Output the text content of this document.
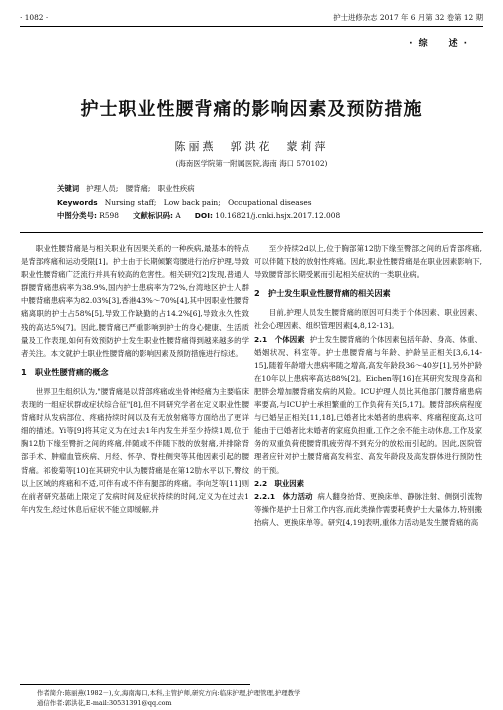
· 1082 ·	护士进修杂志 2017 年 6 月第 32 卷第 12 期
·综　述·
护士职业性腰背痛的影响因素及预防措施
陈丽燕　郭洪花　蒙莉萍
(海南医学院第一附属医院,海南 海口 570102)
关键词 护理人员;　腰背痛;　职业性疾病
Keywords Nursing staff;　Low back pain;　Occupational diseases
中图分类号: R598 文献标识码: A DOI: 10.16821/j.cnki.hsjx.2017.12.008

职业性腰背痛是与相关职业有因果关系的一种疾病,最基本的特点是背部疼痛和运动受限[1]。护士由于长期倾繁弯腰进行治疗护理,导致职业性腰背痛广泛流行并具有较高的危害性。相关研究[2]发现,普通人群腰背痛患病率为38.9%,国内护士患病率为72%,台湾地区护士人群中腰背痛患病率为82.03%[3],香港43%～70%[4],其中因职业性腰背痛离职的护士占58%[5],导致工作缺勤的占14.2%[6],导致永久性致残的高达5%[7]。因此,腰背痛已严重影响到护士的身心健康、生活质量及工作表现,如何有效预防护士发生职业性腰背痛得到越来越多的学者关注。本文就护士职业性腰背痛的影响因素及预防措施进行综述。

1　职业性腰背痛的概念

世界卫生组织认为,"腰背痛是以背部疼痛或坐骨神经痛为主要临床表现的一组症状群或症状综合征"[8],但不同研究学者在定义职业性腰背痛时从发病部位、疼痛持续时间以及有无放射痛等方面给出了更详细的描述。Yi等[9]将其定义为在过去1年内发生并至少持续1周,位于胸12肋下缘至臀折之间的疼痛,伴随或不伴随下肢的放射痛,并排除背部手术、肿瘤血管疾病、月经、怀孕、脊柱侧突等其他因素引起的腰背痛。祁俊菊等[10]在其研究中认为腰背痛是在第12肋水平以下,臀纹以上区域的疼痛和不适,可伴有或不伴有腿部的疼痛。李向芝等[11]则在前者研究基础上限定了发病时间及症状持续的时间,定义为在过去1年内发生,经过休息后症状不能立即缓解,并

至少持续2d以上,位于胸部第12肋下缘至臀部之间的后背部疼痛,可以伴随下肢的放射性疼痛。因此,职业性腰背痛是在职业因素影响下,导致腰背部长期受累而引起相关症状的一类职业病。

2　护士发生职业性腰背痛的相关因素

目前,护理人员发生腰背痛的原因可归类于个体因素、职业因素、社会心理因素、组织管理因素[4,8,12-13]。

2.1　个体因素 护士发生腰背痛的个体因素包括年龄、身高、体重、婚姻状况、科室等。护士患腰背痛与年龄、护龄呈正相关[3,6,14-15],随着年龄增大患病率随之增高,高发年龄段36～40岁[1],另外护龄在10年以上患病率高达88%[2]。Eichen等[16]在其研究发现身高和肥胖会增加腰背痛发病的风险。ICU护理人员比其他部门腰背痛患病率要高,与ICU护士承担繁重的工作负荷有关[5,17]。腰背部疾病程度与已婚呈正相关[11,18],已婚者比未婚者的患病率、疼痛程度高,这可能由于已婚者比未婚者的家庭负担重,工作之余不能主动休息,工作及家务的双重负荷使腰背肌疲劳得不到充分的放松而引起的。因此,医院管理者应针对护士腰背痛高发科室、高发年龄段及高发群体进行预防性的干预。

2.2　职业因素

2.2.1　体力活动 病人翻身抬背、更换床单、静脉注射、侧倒引流物等操作是护士日常工作内容,而此类操作需要耗费护士大量体力,特别搬抬病人、更换床单等。研究[4,19]表明,重体力活动是发生腰背痛的高

作者简介:陈丽燕(1982－),女,海南海口,本科,主管护师,研究方向:临床护理,护理管理,护理教学
通信作者:郭洪花,E-mail:30531391@qq.com
